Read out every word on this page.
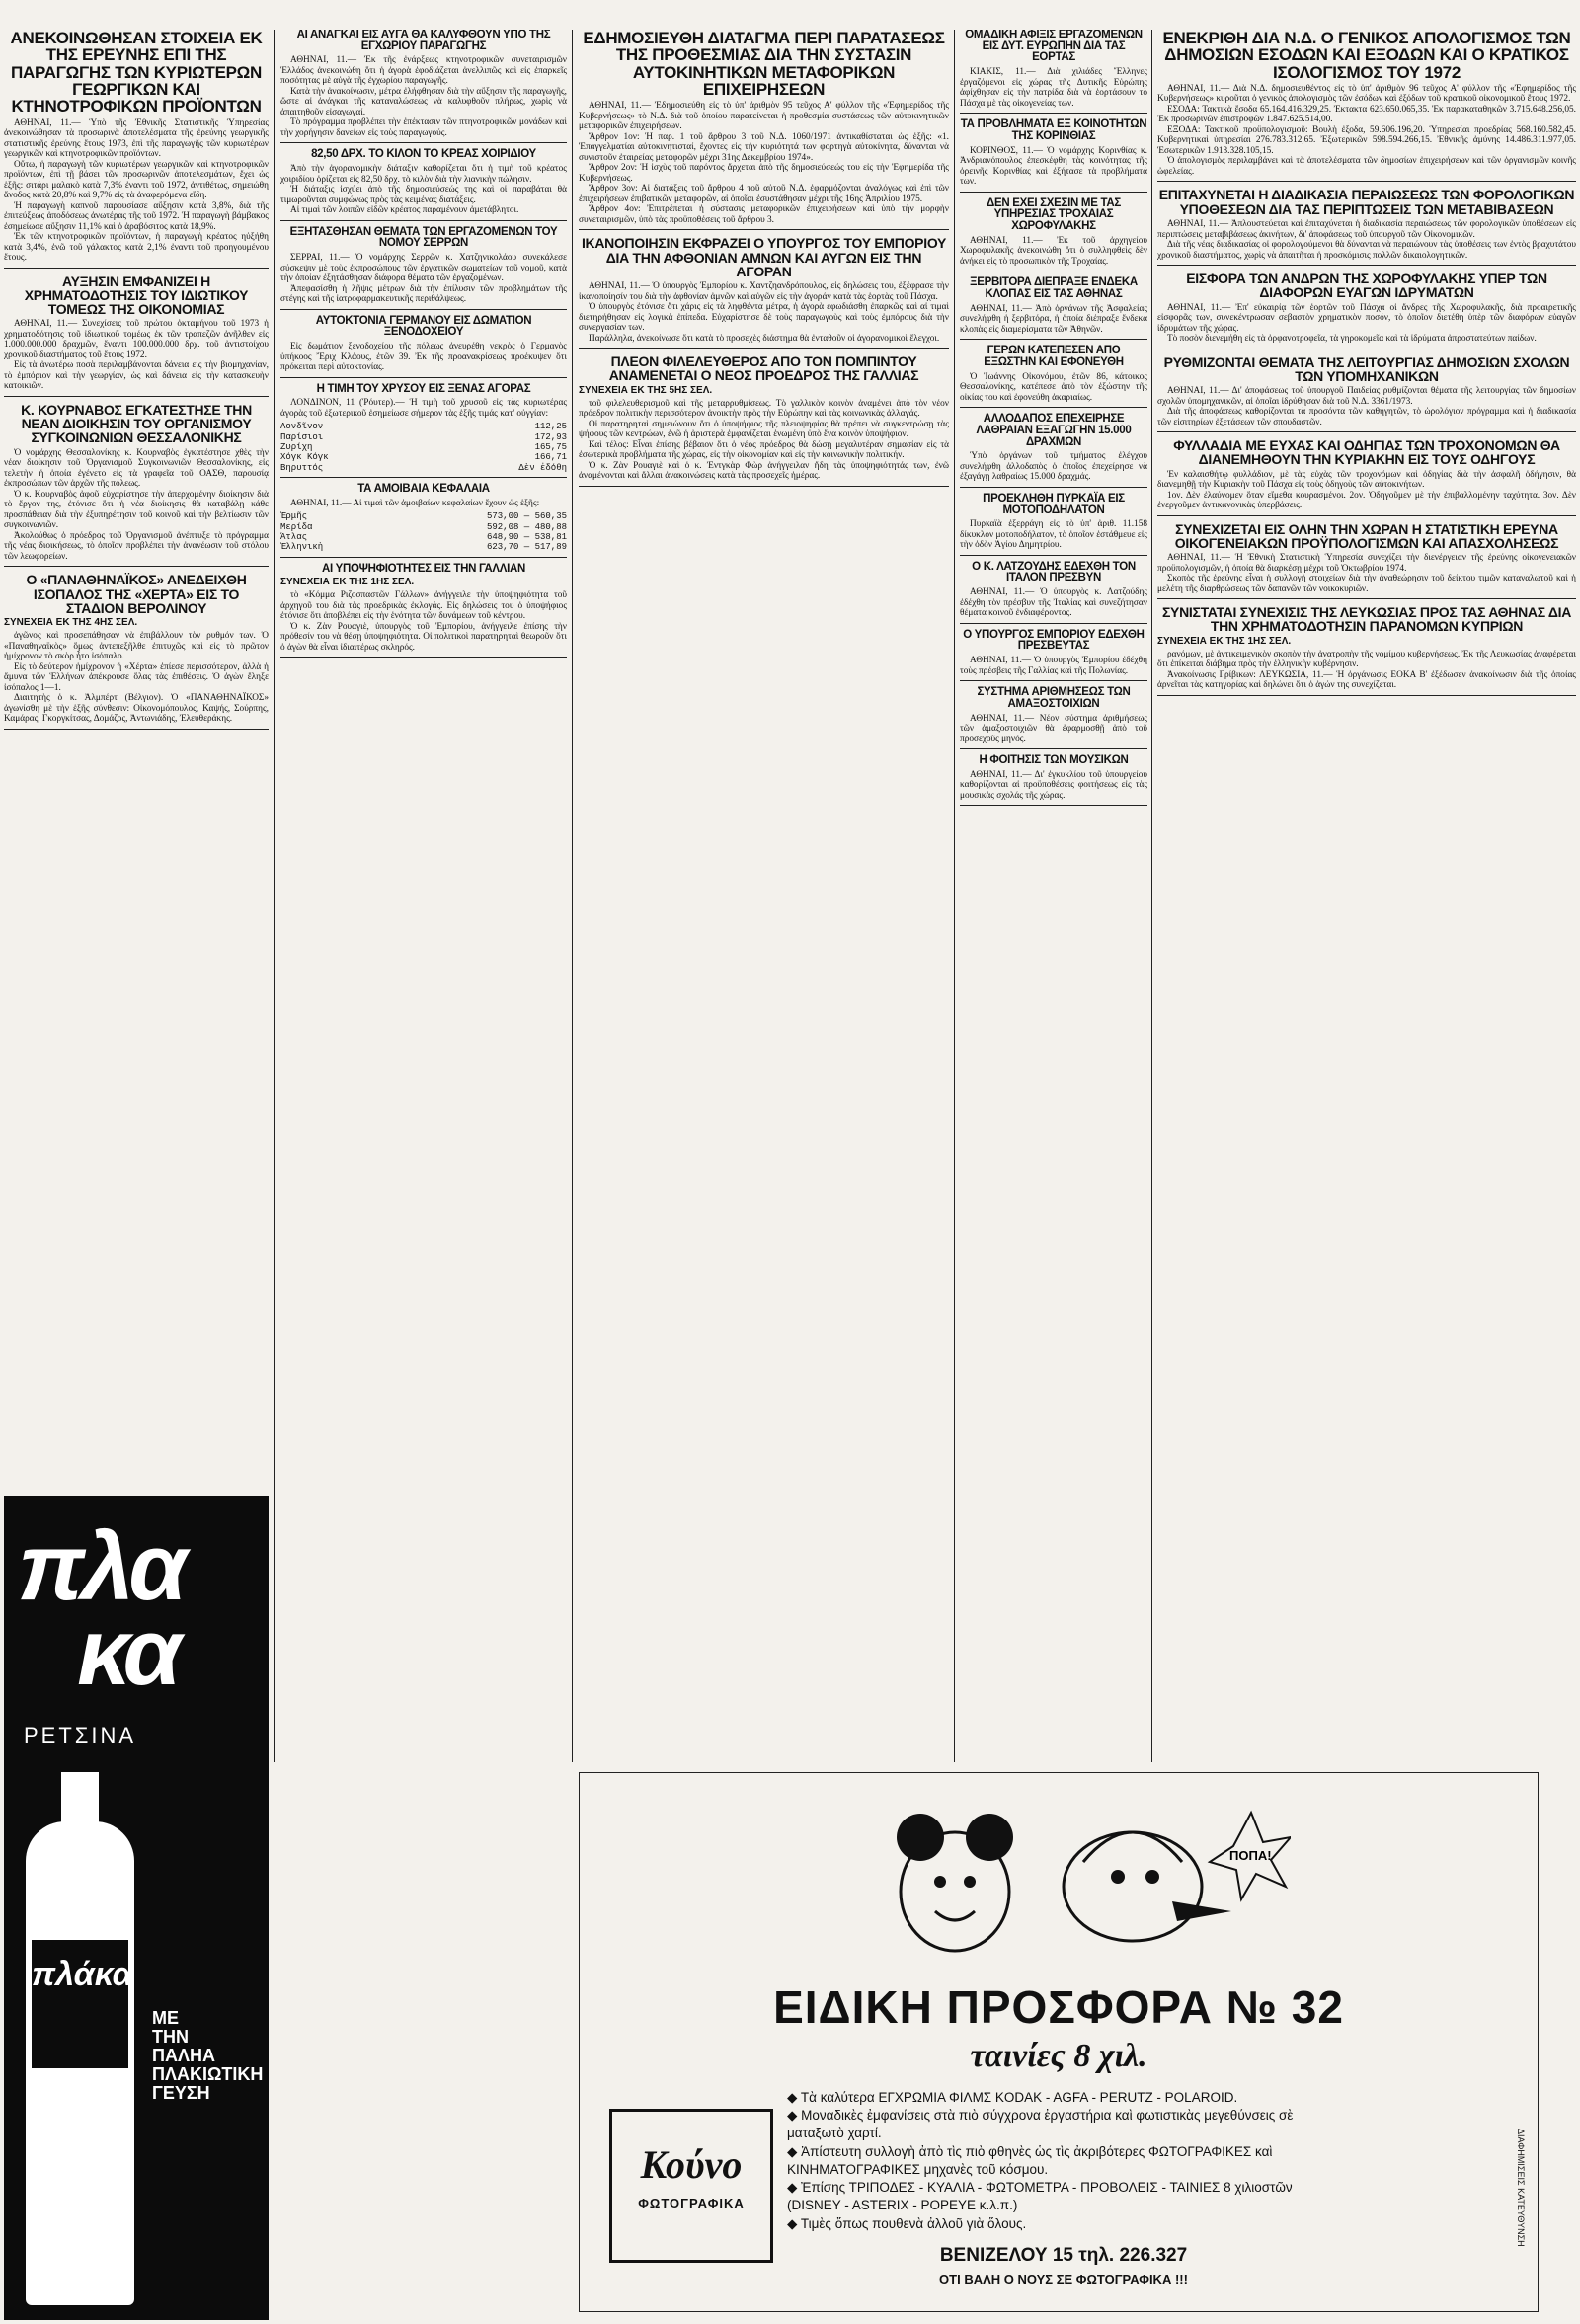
ΑΝΕΚΟΙΝΩΘΗΣΑΝ ΣΤΟΙΧΕΙΑ ΕΚ ΤΗΣ ΕΡΕΥΝΗΣ ΕΠΙ ΤΗΣ ΠΑΡΑΓΩΓΗΣ ΤΩΝ ΚΥΡΙΩΤΕΡΩΝ ΓΕΩΡΓΙΚΩΝ ΚΑΙ ΚΤΗΝΟΤΡΟΦΙΚΩΝ ΠΡΟΪΟΝΤΩΝ

ΑΘΗΝΑΙ, 11.— Ὑπὸ τῆς Ἐθνικῆς Στατιστικῆς Ὑπηρεσίας ἀνεκοινώθησαν τὰ προσωρινὰ ἀποτελέσματα τῆς ἐρεύνης γεωργικῆς στατιστικῆς ἐρεύνης ἔτους 1973, ἐπὶ τῆς παραγωγῆς τῶν κυριωτέρων γεωργικῶν καὶ κτηνοτροφικῶν προϊόντων.

Οὕτω, ἡ παραγωγὴ τῶν κυριωτέρων γεωργικῶν καὶ κτηνοτροφικῶν προϊόντων, ἐπὶ τῇ βάσει τῶν προσωρινῶν ἀποτελεσμάτων, ἔχει ὡς ἑξῆς: σιτάρι μαλακὸ κατὰ 7,3% ἐναντι τοῦ 1972, ἀντιθέτως, σημειώθη ἄνοδος κατὰ 20,8% καὶ 9,7% εἰς τὰ ἀναφερόμενα εἴδη.

Ἡ παραγωγὴ καπνοῦ παρουσίασε αὔξησιν κατὰ 3,8%, διὰ τῆς ἐπιτεύξεως ἀποδόσεως ἀνωτέρας τῆς τοῦ 1972. Ἡ παραγωγὴ βάμβακος ἐσημείωσε αὔξησιν 11,1% καὶ ὁ ἀραβόσιτος κατὰ 18,9%.

Ἐκ τῶν κτηνοτροφικῶν προϊόντων, ἡ παραγωγὴ κρέατος ηὐξήθη κατὰ 3,4%, ἐνῶ τοῦ γάλακτος κατὰ 2,1% ἐναντι τοῦ προηγουμένου ἔτους.

ΑΥΞΗΣΙΝ ΕΜΦΑΝΙΖΕΙ Η ΧΡΗΜΑΤΟΔΟΤΗΣΙΣ ΤΟΥ ΙΔΙΩΤΙΚΟΥ ΤΟΜΕΩΣ ΤΗΣ ΟΙΚΟΝΟΜΙΑΣ

ΑΘΗΝΑΙ, 11.— Συνεχίσεις τοῦ πρώτου ὀκταμήνου τοῦ 1973 ἡ χρηματοδότησις τοῦ ἰδιωτικοῦ τομέως ἐκ τῶν τραπεζῶν ἀνῆλθεν εἰς 1.000.000.000 δραχμῶν, ἔναντι 100.000.000 δρχ. τοῦ ἀντιστοίχου χρονικοῦ διαστήματος τοῦ ἔτους 1972.

Εἰς τὰ ἀνωτέρω ποσὰ περιλαμβάνονται δάνεια εἰς τὴν βιομηχανίαν, τὸ ἐμπόριον καὶ τὴν γεωργίαν, ὡς καὶ δάνεια εἰς τὴν κατασκευὴν κατοικιῶν.

Κ. ΚΟΥΡΝΑΒΟΣ ΕΓΚΑΤΕΣΤΗΣΕ ΤΗΝ ΝΕΑΝ ΔΙΟΙΚΗΣΙΝ ΤΟΥ ΟΡΓΑΝΙΣΜΟΥ ΣΥΓΚΟΙΝΩΝΙΩΝ ΘΕΣΣΑΛΟΝΙΚΗΣ

Ὁ νομάρχης Θεσσαλονίκης κ. Κουρναβὸς ἐγκατέστησε χθὲς τὴν νέαν διοίκησιν τοῦ Ὀργανισμοῦ Συγκοινωνιῶν Θεσσαλονίκης, εἰς τελετὴν ἡ ὁποία ἐγένετο εἰς τὰ γραφεῖα τοῦ ΟΑΣΘ, παρουσίᾳ ἐκπροσώπων τῶν ἀρχῶν τῆς πόλεως.

Ὁ κ. Κουρναβὸς ἀφοῦ εὐχαρίστησε τὴν ἀπερχομένην διοίκησιν διὰ τὸ ἔργον της, ἐτόνισε ὅτι ἡ νέα διοίκησις θὰ καταβάλῃ κάθε προσπάθειαν διὰ τὴν ἐξυπηρέτησιν τοῦ κοινοῦ καὶ τὴν βελτίωσιν τῶν συγκοινωνιῶν.

Ἀκολούθως ὁ πρόεδρος τοῦ Ὀργανισμοῦ ἀνέπτυξε τὸ πρόγραμμα τῆς νέας διοικήσεως, τὸ ὁποῖον προβλέπει τὴν ἀνανέωσιν τοῦ στόλου τῶν λεωφορείων.

Ο «ΠΑΝΑΘΗΝΑΪΚΟΣ» ΑΝΕΔΕΙΧΘΗ ΙΣΟΠΑΛΟΣ ΤΗΣ «ΧΕΡΤΑ» ΕΙΣ ΤΟ ΣΤΑΔΙΟΝ ΒΕΡΟΛΙΝΟΥ
ΣΥΝΕΧΕΙΑ ΕΚ ΤΗΣ 4ΗΣ ΣΕΛ.

ἀγῶνος καὶ προσεπάθησαν νὰ ἐπιβάλλουν τὸν ρυθμόν των. Ὁ «Παναθηναϊκὸς» ὅμως ἀντεπεξῆλθε ἐπιτυχῶς καὶ εἰς τὸ πρῶτον ἡμίχρονον τὸ σκὸρ ἦτο ἰσόπαλο.

Εἰς τὸ δεύτερον ἡμίχρονον ἡ «Χέρτα» ἐπίεσε περισσότερον, ἀλλὰ ἡ ἄμυνα τῶν Ἑλλήνων ἀπέκρουσε ὅλας τὰς ἐπιθέσεις. Ὁ ἀγὼν ἔληξε ἰσόπαλος 1—1.

Διαιτητὴς ὁ κ. Ἀλμπέρτ (Βέλγιον). Ὁ «ΠΑΝΑΘΗΝΑΪΚΟΣ» ἀγωνίσθη μὲ τὴν ἑξῆς σύνθεσιν: Οἰκονομόπουλος, Καψής, Σούρπης, Καμάρας, Γκοργκίτσας, Δομάζος, Ἀντωνιάδης, Ἐλευθεράκης.

ΑΙ ΑΝΑΓΚΑΙ ΕΙΣ ΑΥΓΑ ΘΑ ΚΑΛΥΦΘΟΥΝ ΥΠΟ ΤΗΣ ΕΓΧΩΡΙΟΥ ΠΑΡΑΓΩΓΗΣ

ΑΘΗΝΑΙ, 11.— Ἐκ τῆς ἐνάρξεως κτηνοτροφικῶν συνεταιρισμῶν Ἑλλάδος ἀνεκοινώθη ὅτι ἡ ἀγορὰ ἐφοδιάζεται ἀνελλιπῶς καὶ εἰς ἐπαρκεῖς ποσότητας μὲ αὐγὰ τῆς ἐγχωρίου παραγωγῆς.

Κατὰ τὴν ἀνακοίνωσιν, μέτρα ἐλήφθησαν διὰ τὴν αὔξησιν τῆς παραγωγῆς, ὥστε αἱ ἀνάγκαι τῆς καταναλώσεως νὰ καλυφθοῦν πλήρως, χωρὶς νὰ ἀπαιτηθοῦν εἰσαγωγαί.

Τὸ πρόγραμμα προβλέπει τὴν ἐπέκτασιν τῶν πτηνοτροφικῶν μονάδων καὶ τὴν χορήγησιν δανείων εἰς τοὺς παραγωγούς.

82,50 ΔΡΧ. ΤΟ ΚΙΛΟΝ ΤΟ ΚΡΕΑΣ ΧΟΙΡΙΔΙΟΥ

Ἀπὸ τὴν ἀγορανομικὴν διάταξιν καθορίζεται ὅτι ἡ τιμὴ τοῦ κρέατος χοιριδίου ὁρίζεται εἰς 82,50 δρχ. τὸ κιλὸν διὰ τὴν λιανικὴν πώλησιν.

Ἡ διάταξις ἰσχύει ἀπὸ τῆς δημοσιεύσεώς της καὶ οἱ παραβάται θὰ τιμωροῦνται συμφώνως πρὸς τὰς κειμένας διατάξεις.

Αἱ τιμαὶ τῶν λοιπῶν εἰδῶν κρέατος παραμένουν ἀμετάβλητοι.

ΕΞΗΤΑΣΘΗΣΑΝ ΘΕΜΑΤΑ ΤΩΝ ΕΡΓΑΖΟΜΕΝΩΝ ΤΟΥ ΝΟΜΟΥ ΣΕΡΡΩΝ

ΣΕΡΡΑΙ, 11.— Ὁ νομάρχης Σερρῶν κ. Χατζηνικολάου συνεκάλεσε σύσκεψιν μὲ τοὺς ἐκπροσώπους τῶν ἐργατικῶν σωματείων τοῦ νομοῦ, κατὰ τὴν ὁποίαν ἐξητάσθησαν διάφορα θέματα τῶν ἐργαζομένων.

Ἀπεφασίσθη ἡ λῆψις μέτρων διὰ τὴν ἐπίλυσιν τῶν προβλημάτων τῆς στέγης καὶ τῆς ἰατροφαρμακευτικῆς περιθάλψεως.

ΑΥΤΟΚΤΟΝΙΑ ΓΕΡΜΑΝΟΥ ΕΙΣ ΔΩΜΑΤΙΟΝ ΞΕΝΟΔΟΧΕΙΟΥ

Εἰς δωμάτιον ξενοδοχείου τῆς πόλεως ἀνευρέθη νεκρὸς ὁ Γερμανὸς ὑπήκοος Ἔριχ Κλάους, ἐτῶν 39. Ἐκ τῆς προανακρίσεως προέκυψεν ὅτι πρόκειται περὶ αὐτοκτονίας.

Η ΤΙΜΗ ΤΟΥ ΧΡΥΣΟΥ ΕΙΣ ΞΕΝΑΣ ΑΓΟΡΑΣ

ΛΟΝΔΙΝΟΝ, 11 (Ῥόυτερ).— Ἡ τιμὴ τοῦ χρυσοῦ εἰς τὰς κυριωτέρας ἀγορὰς τοῦ ἐξωτερικοῦ ἐσημείωσε σήμερον τὰς ἑξῆς τιμάς κατ' οὐγγίαν:

Λονδῖνον	112,25
Παρίσιοι	172,93
Ζυρίχη	165,75
Χόγκ Κόγκ	166,71
Βηρυττός	Δὲν ἐδόθη
ΤΑ ΑΜΟΙΒΑΙΑ ΚΕΦΑΛΑΙΑ

ΑΘΗΝΑΙ, 11.— Αἱ τιμαὶ τῶν ἀμοιβαίων κεφαλαίων ἔχουν ὡς ἑξῆς:

Ἑρμῆς	573,00 — 560,35
Μερίδα	592,08 — 480,88
Ἄτλας	648,90 — 538,81
Ἑλληνικὴ	623,70 — 517,89
ΑΙ ΥΠΟΨΗΦΙΟΤΗΤΕΣ ΕΙΣ ΤΗΝ ΓΑΛΛΙΑΝ
ΣΥΝΕΧΕΙΑ ΕΚ ΤΗΣ 1ΗΣ ΣΕΛ.

τὸ «Κόμμα Ριζοσπαστῶν Γάλλων» ἀνήγγειλε τὴν ὑποψηφιότητα τοῦ ἀρχηγοῦ του διὰ τὰς προεδρικὰς ἐκλογάς. Εἰς δηλώσεις του ὁ ὑποψήφιος ἐτόνισε ὅτι ἀποβλέπει εἰς τὴν ἑνότητα τῶν δυνάμεων τοῦ κέντρου.

Ὁ κ. Ζὰν Ρουαγιὲ, ὑπουργὸς τοῦ Ἐμπορίου, ἀνήγγειλε ἐπίσης τὴν πρόθεσίν του νὰ θέσῃ ὑποψηφιότητα. Οἱ πολιτικοὶ παρατηρηταὶ θεωροῦν ὅτι ὁ ἀγὼν θὰ εἶναι ἰδιαιτέρως σκληρός.

ΕΔΗΜΟΣΙΕΥΘΗ ΔΙΑΤΑΓΜΑ ΠΕΡΙ ΠΑΡΑΤΑΣΕΩΣ ΤΗΣ ΠΡΟΘΕΣΜΙΑΣ ΔΙΑ ΤΗΝ ΣΥΣΤΑΣΙΝ ΑΥΤΟΚΙΝΗΤΙΚΩΝ ΜΕΤΑΦΟΡΙΚΩΝ ΕΠΙΧΕΙΡΗΣΕΩΝ

ΑΘΗΝΑΙ, 11.— Ἐδημοσιεύθη εἰς τὸ ὑπ' ἀριθμὸν 95 τεῦχος Α' φύλλον τῆς «Ἐφημερίδος τῆς Κυβερνήσεως» τὸ Ν.Δ. διὰ τοῦ ὁποίου παρατείνεται ἡ προθεσμία συστάσεως τῶν αὐτοκινητικῶν μεταφορικῶν ἐπιχειρήσεων.

Ἄρθρον 1ον: Ἡ παρ. 1 τοῦ ἄρθρου 3 τοῦ Ν.Δ. 1060/1971 ἀντικαθίσταται ὡς ἑξῆς: «1. Ἐπαγγελματίαι αὐτοκινητισταί, ἔχοντες εἰς τὴν κυριότητά των φορτηγὰ αὐτοκίνητα, δύνανται νὰ συνιστοῦν ἐταιρείας μεταφορῶν μέχρι 31ης Δεκεμβρίου 1974».

Ἄρθρον 2ον: Ἡ ἰσχὺς τοῦ παρόντος ἄρχεται ἀπὸ τῆς δημοσιεύσεώς του εἰς τὴν Ἐφημερίδα τῆς Κυβερνήσεως.

Ἄρθρον 3ον: Αἱ διατάξεις τοῦ ἄρθρου 4 τοῦ αὐτοῦ Ν.Δ. ἐφαρμόζονται ἀναλόγως καὶ ἐπὶ τῶν ἐπιχειρήσεων ἐπιβατικῶν μεταφορῶν, αἱ ὁποῖαι ἐσυστάθησαν μέχρι τῆς 16ης Ἀπριλίου 1975.

Ἄρθρον 4ον: Ἐπιτρέπεται ἡ σύστασις μεταφορικῶν ἐπιχειρήσεων καὶ ὑπὸ τὴν μορφὴν συνεταιρισμῶν, ὑπὸ τὰς προϋποθέσεις τοῦ ἄρθρου 3.

ΙΚΑΝΟΠΟΙΗΣΙΝ ΕΚΦΡΑΖΕΙ Ο ΥΠΟΥΡΓΟΣ ΤΟΥ ΕΜΠΟΡΙΟΥ ΔΙΑ ΤΗΝ ΑΦΘΟΝΙΑΝ ΑΜΝΩΝ ΚΑΙ ΑΥΓΩΝ ΕΙΣ ΤΗΝ ΑΓΟΡΑΝ

ΑΘΗΝΑΙ, 11.— Ὁ ὑπουργὸς Ἐμπορίου κ. Χαντζηανδρόπουλος, εἰς δηλώσεις του, ἐξέφρασε τὴν ἱκανοποίησίν του διὰ τὴν ἀφθονίαν ἀμνῶν καὶ αὐγῶν εἰς τὴν ἀγοράν κατὰ τὰς ἑορτὰς τοῦ Πάσχα.

Ὁ ὑπουργὸς ἐτόνισε ὅτι χάρις εἰς τὰ ληφθέντα μέτρα, ἡ ἀγορὰ ἐφωδιάσθη ἐπαρκῶς καὶ αἱ τιμαὶ διετηρήθησαν εἰς λογικὰ ἐπίπεδα. Εὐχαρίστησε δὲ τοὺς παραγωγοὺς καὶ τοὺς ἐμπόρους διὰ τὴν συνεργασίαν των.

Παράλληλα, ἀνεκοίνωσε ὅτι κατὰ τὸ προσεχὲς διάστημα θὰ ἐνταθοῦν οἱ ἀγορανομικοὶ ἔλεγχοι.

ΠΛΕΟΝ ΦΙΛΕΛΕΥΘΕΡΟΣ ΑΠΟ ΤΟΝ ΠΟΜΠΙΝΤΟΥ ΑΝΑΜΕΝΕΤΑΙ Ο ΝΕΟΣ ΠΡΟΕΔΡΟΣ ΤΗΣ ΓΑΛΛΙΑΣ
ΣΥΝΕΧΕΙΑ ΕΚ ΤΗΣ 5ΗΣ ΣΕΛ.

τοῦ φιλελευθερισμοῦ καὶ τῆς μεταρρυθμίσεως. Τὸ γαλλικὸν κοινὸν ἀναμένει ἀπὸ τὸν νέον πρόεδρον πολιτικὴν περισσότερον ἀνοικτὴν πρὸς τὴν Εὐρώπην καὶ τὰς κοινωνικὰς ἀλλαγάς.

Οἱ παρατηρηταὶ σημειώνουν ὅτι ὁ ὑποψήφιος τῆς πλειοψηφίας θὰ πρέπει νὰ συγκεντρώσῃ τὰς ψήφους τῶν κεντρώων, ἐνῶ ἡ ἀριστερὰ ἐμφανίζεται ἑνωμένη ὑπὸ ἕνα κοινὸν ὑποψήφιον.

Καὶ τέλος: Εἶναι ἐπίσης βέβαιον ὅτι ὁ νέος πρόεδρος θὰ δώσῃ μεγαλυτέραν σημασίαν εἰς τὰ ἐσωτερικὰ προβλήματα τῆς χώρας, εἰς τὴν οἰκονομίαν καὶ εἰς τὴν κοινωνικὴν πολιτικήν.

Ὁ κ. Ζὰν Ρουαγιὲ καὶ ὁ κ. Ἐντγκὰρ Φὼρ ἀνήγγειλαν ἤδη τὰς ὑποψηφιότητάς των, ἐνῶ ἀναμένονται καὶ ἄλλαι ἀνακοινώσεις κατὰ τὰς προσεχεῖς ἡμέρας.

ΟΜΑΔΙΚΗ ΑΦΙΞΙΣ ΕΡΓΑΖΟΜΕΝΩΝ ΕΙΣ ΔΥΤ. ΕΥΡΩΠΗΝ ΔΙΑ ΤΑΣ ΕΟΡΤΑΣ

ΚΙΑΚΙΣ, 11.— Διὰ χιλιάδες Ἕλληνες ἐργαζόμενοι εἰς χώρας τῆς Δυτικῆς Εὐρώπης ἀφίχθησαν εἰς τὴν πατρίδα διὰ νὰ ἑορτάσουν τὸ Πάσχα μὲ τὰς οἰκογενείας των.

ΤΑ ΠΡΟΒΛΗΜΑΤΑ ΕΞ ΚΟΙΝΟΤΗΤΩΝ ΤΗΣ ΚΟΡΙΝΘΙΑΣ

ΚΟΡΙΝΘΟΣ, 11.— Ὁ νομάρχης Κορινθίας κ. Ἀνδριανόπουλος ἐπεσκέφθη τὰς κοινότητας τῆς ὀρεινῆς Κορινθίας καὶ ἐξήτασε τὰ προβλήματά των.

ΔΕΝ ΕΧΕΙ ΣΧΕΣΙΝ ΜΕ ΤΑΣ ΥΠΗΡΕΣΙΑΣ ΤΡΟΧΑΙΑΣ ΧΩΡΟΦΥΛΑΚΗΣ

ΑΘΗΝΑΙ, 11.— Ἐκ τοῦ ἀρχηγείου Χωροφυλακῆς ἀνεκοινώθη ὅτι ὁ συλληφθεὶς δὲν ἀνήκει εἰς τὸ προσωπικὸν τῆς Τροχαίας.

ΞΕΡΒΙΤΟΡΑ ΔΙΕΠΡΑΞΕ ΕΝΔΕΚΑ ΚΛΟΠΑΣ ΕΙΣ ΤΑΣ ΑΘΗΝΑΣ

ΑΘΗΝΑΙ, 11.— Ἀπὸ ὀργάνων τῆς Ἀσφαλείας συνελήφθη ἡ ξερβιτόρα, ἡ ὁποία διέπραξε ἕνδεκα κλοπὰς εἰς διαμερίσματα τῶν Ἀθηνῶν.

ΓΕΡΩΝ ΚΑΤΕΠΕΣΕΝ ΑΠΟ ΕΞΩΣΤΗΝ ΚΑΙ ΕΦΟΝΕΥΘΗ

Ὁ Ἰωάννης Οἰκονόμου, ἐτῶν 86, κάτοικος Θεσσαλονίκης, κατέπεσε ἀπὸ τὸν ἐξώστην τῆς οἰκίας του καὶ ἐφονεύθη ἀκαριαίως.

ΑΛΛΟΔΑΠΟΣ ΕΠΕΧΕΙΡΗΣΕ ΛΑΘΡΑΙΑΝ ΕΞΑΓΩΓΗΝ 15.000 ΔΡΑΧΜΩΝ

Ὑπὸ ὀργάνων τοῦ τμήματος ἐλέγχου συνελήφθη ἀλλοδαπὸς ὁ ὁποῖος ἐπεχείρησε νὰ ἐξαγάγῃ λαθραίως 15.000 δραχμάς.

ΠΡΟΕΚΛΗΘΗ ΠΥΡΚΑΪΑ ΕΙΣ ΜΟΤΟΠΟΔΗΛΑΤΟΝ

Πυρκαϊὰ ἐξερράγη εἰς τὸ ὑπ' ἀριθ. 11.158 δίκυκλον μοτοποδήλατον, τὸ ὁποῖον ἐστάθμευε εἰς τὴν ὁδὸν Ἀγίου Δημητρίου.

Ο Κ. ΛΑΤΖΟΥΔΗΣ ΕΔΕΧΘΗ ΤΟΝ ΙΤΑΛΟΝ ΠΡΕΣΒΥΝ

ΑΘΗΝΑΙ, 11.— Ὁ ὑπουργὸς κ. Λατζούδης ἐδέχθη τὸν πρέσβυν τῆς Ἰταλίας καὶ συνεζήτησαν θέματα κοινοῦ ἐνδιαφέροντος.

Ο ΥΠΟΥΡΓΟΣ ΕΜΠΟΡΙΟΥ ΕΔΕΧΘΗ ΠΡΕΣΒΕΥΤΑΣ

ΑΘΗΝΑΙ, 11.— Ὁ ὑπουργὸς Ἐμπορίου ἐδέχθη τοὺς πρέσβεις τῆς Γαλλίας καὶ τῆς Πολωνίας.

ΣΥΣΤΗΜΑ ΑΡΙΘΜΗΣΕΩΣ ΤΩΝ ΑΜΑΞΟΣΤΟΙΧΙΩΝ

ΑΘΗΝΑΙ, 11.— Νέον σύστημα ἀριθμήσεως τῶν ἁμαξοστοιχιῶν θὰ ἐφαρμοσθῇ ἀπὸ τοῦ προσεχοῦς μηνός.

Η ΦΟΙΤΗΣΙΣ ΤΩΝ ΜΟΥΣΙΚΩΝ

ΑΘΗΝΑΙ, 11.— Δι' ἐγκυκλίου τοῦ ὑπουργείου καθορίζονται αἱ προϋποθέσεις φοιτήσεως εἰς τὰς μουσικὰς σχολάς τῆς χώρας.

ΕΝΕΚΡΙΘΗ ΔΙΑ Ν.Δ. Ο ΓΕΝΙΚΟΣ ΑΠΟΛΟΓΙΣΜΟΣ ΤΩΝ ΔΗΜΟΣΙΩΝ ΕΣΟΔΩΝ ΚΑΙ ΕΞΟΔΩΝ ΚΑΙ Ο ΚΡΑΤΙΚΟΣ ΙΣΟΛΟΓΙΣΜΟΣ ΤΟΥ 1972

ΑΘΗΝΑΙ, 11.— Διὰ Ν.Δ. δημοσιευθέντος εἰς τὸ ὑπ' ἀριθμὸν 96 τεῦχος Α' φύλλον τῆς «Ἐφημερίδος τῆς Κυβερνήσεως» κυροῦται ὁ γενικὸς ἀπολογισμὸς τῶν ἐσόδων καὶ ἐξόδων τοῦ κρατικοῦ οἰκονομικοῦ ἔτους 1972.

ΕΣΟΔΑ: Τακτικὰ ἔσοδα 65.164.416.329,25. Ἐκτακτα 623.650.065,35. Ἐκ παρακαταθηκῶν 3.715.648.256,05. Ἐκ προσωρινῶν ἐπιστροφῶν 1.847.625.514,00.

ΕΞΟΔΑ: Τακτικοῦ προϋπολογισμοῦ: Βουλὴ ἐξοδα, 59.606.196,20. Ὑπηρεσίαι προεδρίας 568.160.582,45. Κυβερνητικαὶ ὑπηρεσίαι 276.783.312,65. Ἐξωτερικῶν 598.594.266,15. Ἐθνικῆς ἀμύνης 14.486.311.977,05. Ἐσωτερικῶν 1.913.328.105,15.

Ὁ ἀπολογισμὸς περιλαμβάνει καὶ τὰ ἀποτελέσματα τῶν δημοσίων ἐπιχειρήσεων καὶ τῶν ὀργανισμῶν κοινῆς ὠφελείας.

ΕΠΙΤΑΧΥΝΕΤΑΙ Η ΔΙΑΔΙΚΑΣΙΑ ΠΕΡΑΙΩΣΕΩΣ ΤΩΝ ΦΟΡΟΛΟΓΙΚΩΝ ΥΠΟΘΕΣΕΩΝ ΔΙΑ ΤΑΣ ΠΕΡΙΠΤΩΣΕΙΣ ΤΩΝ ΜΕΤΑΒΙΒΑΣΕΩΝ

ΑΘΗΝΑΙ, 11.— Ἀπλουστεύεται καὶ ἐπιταχύνεται ἡ διαδικασία περαιώσεως τῶν φορολογικῶν ὑποθέσεων εἰς περιπτώσεις μεταβιβάσεως ἀκινήτων, δι' ἀποφάσεως τοῦ ὑπουργοῦ τῶν Οἰκονομικῶν.

Διὰ τῆς νέας διαδικασίας οἱ φορολογούμενοι θὰ δύνανται νὰ περαιώνουν τὰς ὑποθέσεις των ἐντὸς βραχυτάτου χρονικοῦ διαστήματος, χωρὶς νὰ ἀπαιτῆται ἡ προσκόμισις πολλῶν δικαιολογητικῶν.

ΕΙΣΦΟΡΑ ΤΩΝ ΑΝΔΡΩΝ ΤΗΣ ΧΩΡΟΦΥΛΑΚΗΣ ΥΠΕΡ ΤΩΝ ΔΙΑΦΟΡΩΝ ΕΥΑΓΩΝ ΙΔΡΥΜΑΤΩΝ

ΑΘΗΝΑΙ, 11.— Ἐπ' εὐκαιρίᾳ τῶν ἑορτῶν τοῦ Πάσχα οἱ ἄνδρες τῆς Χωροφυλακῆς, διὰ προαιρετικῆς εἰσφορᾶς των, συνεκέντρωσαν σεβαστὸν χρηματικὸν ποσόν, τὸ ὁποῖον διετέθη ὑπὲρ τῶν διαφόρων εὐαγῶν ἱδρυμάτων τῆς χώρας.

Τὸ ποσὸν διενεμήθη εἰς τὰ ὀρφανοτροφεῖα, τὰ γηροκομεῖα καὶ τὰ ἱδρύματα ἀπροστατεύτων παίδων.

ΡΥΘΜΙΖΟΝΤΑΙ ΘΕΜΑΤΑ ΤΗΣ ΛΕΙΤΟΥΡΓΙΑΣ ΔΗΜΟΣΙΩΝ ΣΧΟΛΩΝ ΤΩΝ ΥΠΟΜΗΧΑΝΙΚΩΝ

ΑΘΗΝΑΙ, 11.— Δι' ἀποφάσεως τοῦ ὑπουργοῦ Παιδείας ρυθμίζονται θέματα τῆς λειτουργίας τῶν δημοσίων σχολῶν ὑπομηχανικῶν, αἱ ὁποῖαι ἱδρύθησαν διὰ τοῦ Ν.Δ. 3361/1973.

Διὰ τῆς ἀποφάσεως καθορίζονται τὰ προσόντα τῶν καθηγητῶν, τὸ ὡρολόγιον πρόγραμμα καὶ ἡ διαδικασία τῶν εἰσιτηρίων ἐξετάσεων τῶν σπουδαστῶν.

ΦΥΛΛΑΔΙΑ ΜΕ ΕΥΧΑΣ ΚΑΙ ΟΔΗΓΙΑΣ ΤΩΝ ΤΡΟΧΟΝΟΜΩΝ ΘΑ ΔΙΑΝΕΜΗΘΟΥΝ ΤΗΝ ΚΥΡΙΑΚΗΝ ΕΙΣ ΤΟΥΣ ΟΔΗΓΟΥΣ

Ἐν καλαισθήτῳ φυλλάδιον, μὲ τὰς εὐχὰς τῶν τροχονόμων καὶ ὁδηγίας διὰ τὴν ἀσφαλῆ ὁδήγησιν, θὰ διανεμηθῇ τὴν Κυριακὴν τοῦ Πάσχα εἰς τοὺς ὁδηγοὺς τῶν αὐτοκινήτων.

1ον. Δὲν ἐλαύνομεν ὅταν εἴμεθα κουρασμένοι. 2ον. Ὁδηγοῦμεν μὲ τὴν ἐπιβαλλομένην ταχύτητα. 3ον. Δὲν ἐνεργοῦμεν ἀντικανονικὰς ὑπερβάσεις.

ΣΥΝΕΧΙΖΕΤΑΙ ΕΙΣ ΟΛΗΝ ΤΗΝ ΧΩΡΑΝ Η ΣΤΑΤΙΣΤΙΚΗ ΕΡΕΥΝΑ ΟΙΚΟΓΕΝΕΙΑΚΩΝ ΠΡΟΫΠΟΛΟΓΙΣΜΩΝ ΚΑΙ ΑΠΑΣΧΟΛΗΣΕΩΣ

ΑΘΗΝΑΙ, 11.— Ἡ Ἐθνικὴ Στατιστικὴ Ὑπηρεσία συνεχίζει τὴν διενέργειαν τῆς ἐρεύνης οἰκογενειακῶν προϋπολογισμῶν, ἡ ὁποία θὰ διαρκέσῃ μέχρι τοῦ Ὀκτωβρίου 1974.

Σκοπὸς τῆς ἐρεύνης εἶναι ἡ συλλογὴ στοιχείων διὰ τὴν ἀναθεώρησιν τοῦ δείκτου τιμῶν καταναλωτοῦ καὶ ἡ μελέτη τῆς διαρθρώσεως τῶν δαπανῶν τῶν νοικοκυριῶν.

ΣΥΝΙΣΤΑΤΑΙ ΣΥΝΕΧΙΣΙΣ ΤΗΣ ΛΕΥΚΩΣΙΑΣ ΠΡΟΣ ΤΑΣ ΑΘΗΝΑΣ ΔΙΑ ΤΗΝ ΧΡΗΜΑΤΟΔΟΤΗΣΙΝ ΠΑΡΑΝΟΜΩΝ ΚΥΠΡΙΩΝ
ΣΥΝΕΧΕΙΑ ΕΚ ΤΗΣ 1ΗΣ ΣΕΛ.

ρανόμων, μὲ ἀντικειμενικὸν σκοπὸν τὴν ἀνατροπὴν τῆς νομίμου κυβερνήσεως. Ἐκ τῆς Λευκωσίας ἀναφέρεται ὅτι ἐπίκειται διάβημα πρὸς τὴν ἑλληνικὴν κυβέρνησιν.

Ἀνακοίνωσις Γρίβικων: ΛΕΥΚΩΣΙΑ, 11.— Ἡ ὀργάνωσις ΕΟΚΑ Β' ἐξέδωσεν ἀνακοίνωσιν διὰ τῆς ὁποίας ἀρνεῖται τὰς κατηγορίας καὶ δηλώνει ὅτι ὁ ἀγών της συνεχίζεται.

πλα
κα
ΡΕΤΣΙΝΑ
πλάκα
ΜΕ
ΤΗΝ
ΠΑΛΗΑ
ΠΛΑΚΙΩΤΙΚΗ
ΓΕΥΣΗ
ΠΟΠΑ!
ΕΙΔΙΚΗ ΠΡΟΣΦΟΡΑ № 32
ταινίες 8 χιλ.
Κούνο
ΦΩΤΟΓΡΑΦΙΚΑ
◆ Τὰ καλύτερα ΕΓΧΡΩΜΙΑ ΦΙΛΜΣ KODAK - AGFA - PERUTZ - POLAROID.
◆ Μοναδικὲς ἐμφανίσεις στὰ πιὸ σύγχρονα ἐργαστήρια καὶ φωτιστικὰς μεγεθύνσεις σὲ ματαξωτὸ χαρτί.
◆ Ἀπίστευτη συλλογὴ ἀπὸ τὶς πιὸ φθηνὲς ὡς τὶς ἀκριβότερες ΦΩΤΟΓΡΑΦΙΚΕΣ καὶ ΚΙΝΗΜΑΤΟΓΡΑΦΙΚΕΣ μηχανὲς τοῦ κόσμου.
◆ Ἐπίσης ΤΡΙΠΟΔΕΣ - ΚΥΑΛΙΑ - ΦΩΤΟΜΕΤΡΑ - ΠΡΟΒΟΛΕΙΣ - ΤΑΙΝΙΕΣ 8 χιλιοστῶν (DISNEY - ASTERIX - POPEYE κ.λ.π.)
◆ Τιμὲς ὅπως πουθενὰ ἀλλοῦ γιὰ ὅλους.
ΒΕΝΙΖΕΛΟΥ 15 τηλ. 226.327
ΟΤΙ ΒΑΛΗ Ο ΝΟΥΣ ΣΕ ΦΩΤΟΓΡΑΦΙΚΑ !!!
ΔΙΑΦΗΜΙΣΕΙΣ ΚΑΤΕΥΘΥΝΣΗ
